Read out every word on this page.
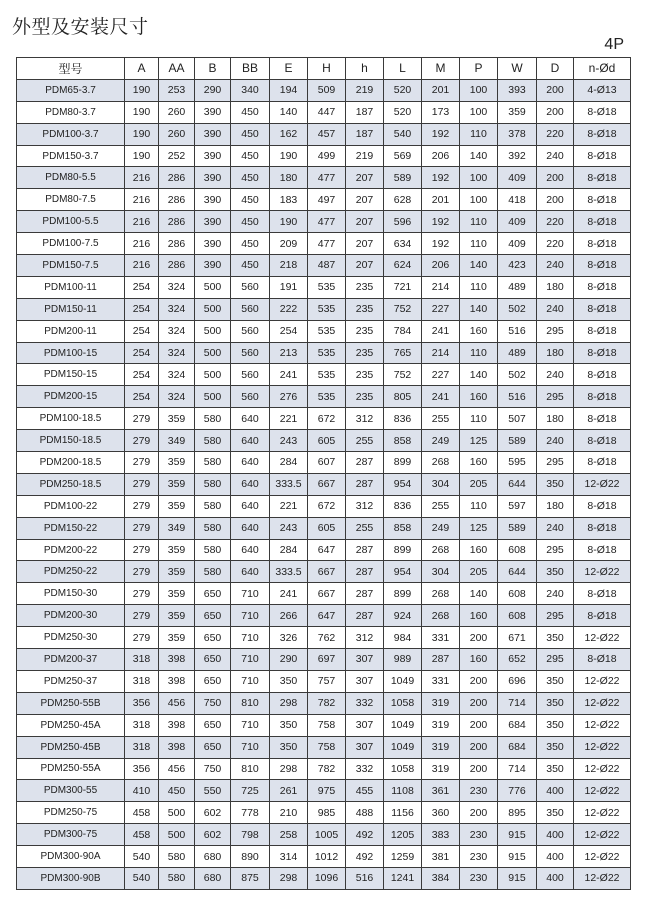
外型及安装尺寸
4P
型号	A	AA	B	BB	E	H	h	L	M	P	W	D	n-Ød
PDM65-3.7	190	253	290	340	194	509	219	520	201	100	393	200	4-Ø13
PDM80-3.7	190	260	390	450	140	447	187	520	173	100	359	200	8-Ø18
PDM100-3.7	190	260	390	450	162	457	187	540	192	110	378	220	8-Ø18
PDM150-3.7	190	252	390	450	190	499	219	569	206	140	392	240	8-Ø18
PDM80-5.5	216	286	390	450	180	477	207	589	192	100	409	200	8-Ø18
PDM80-7.5	216	286	390	450	183	497	207	628	201	100	418	200	8-Ø18
PDM100-5.5	216	286	390	450	190	477	207	596	192	110	409	220	8-Ø18
PDM100-7.5	216	286	390	450	209	477	207	634	192	110	409	220	8-Ø18
PDM150-7.5	216	286	390	450	218	487	207	624	206	140	423	240	8-Ø18
PDM100-11	254	324	500	560	191	535	235	721	214	110	489	180	8-Ø18
PDM150-11	254	324	500	560	222	535	235	752	227	140	502	240	8-Ø18
PDM200-11	254	324	500	560	254	535	235	784	241	160	516	295	8-Ø18
PDM100-15	254	324	500	560	213	535	235	765	214	110	489	180	8-Ø18
PDM150-15	254	324	500	560	241	535	235	752	227	140	502	240	8-Ø18
PDM200-15	254	324	500	560	276	535	235	805	241	160	516	295	8-Ø18
PDM100-18.5	279	359	580	640	221	672	312	836	255	110	507	180	8-Ø18
PDM150-18.5	279	349	580	640	243	605	255	858	249	125	589	240	8-Ø18
PDM200-18.5	279	359	580	640	284	607	287	899	268	160	595	295	8-Ø18
PDM250-18.5	279	359	580	640	333.5	667	287	954	304	205	644	350	12-Ø22
PDM100-22	279	359	580	640	221	672	312	836	255	110	597	180	8-Ø18
PDM150-22	279	349	580	640	243	605	255	858	249	125	589	240	8-Ø18
PDM200-22	279	359	580	640	284	647	287	899	268	160	608	295	8-Ø18
PDM250-22	279	359	580	640	333.5	667	287	954	304	205	644	350	12-Ø22
PDM150-30	279	359	650	710	241	667	287	899	268	140	608	240	8-Ø18
PDM200-30	279	359	650	710	266	647	287	924	268	160	608	295	8-Ø18
PDM250-30	279	359	650	710	326	762	312	984	331	200	671	350	12-Ø22
PDM200-37	318	398	650	710	290	697	307	989	287	160	652	295	8-Ø18
PDM250-37	318	398	650	710	350	757	307	1049	331	200	696	350	12-Ø22
PDM250-55B	356	456	750	810	298	782	332	1058	319	200	714	350	12-Ø22
PDM250-45A	318	398	650	710	350	758	307	1049	319	200	684	350	12-Ø22
PDM250-45B	318	398	650	710	350	758	307	1049	319	200	684	350	12-Ø22
PDM250-55A	356	456	750	810	298	782	332	1058	319	200	714	350	12-Ø22
PDM300-55	410	450	550	725	261	975	455	1108	361	230	776	400	12-Ø22
PDM250-75	458	500	602	778	210	985	488	1156	360	200	895	350	12-Ø22
PDM300-75	458	500	602	798	258	1005	492	1205	383	230	915	400	12-Ø22
PDM300-90A	540	580	680	890	314	1012	492	1259	381	230	915	400	12-Ø22
PDM300-90B	540	580	680	875	298	1096	516	1241	384	230	915	400	12-Ø22
